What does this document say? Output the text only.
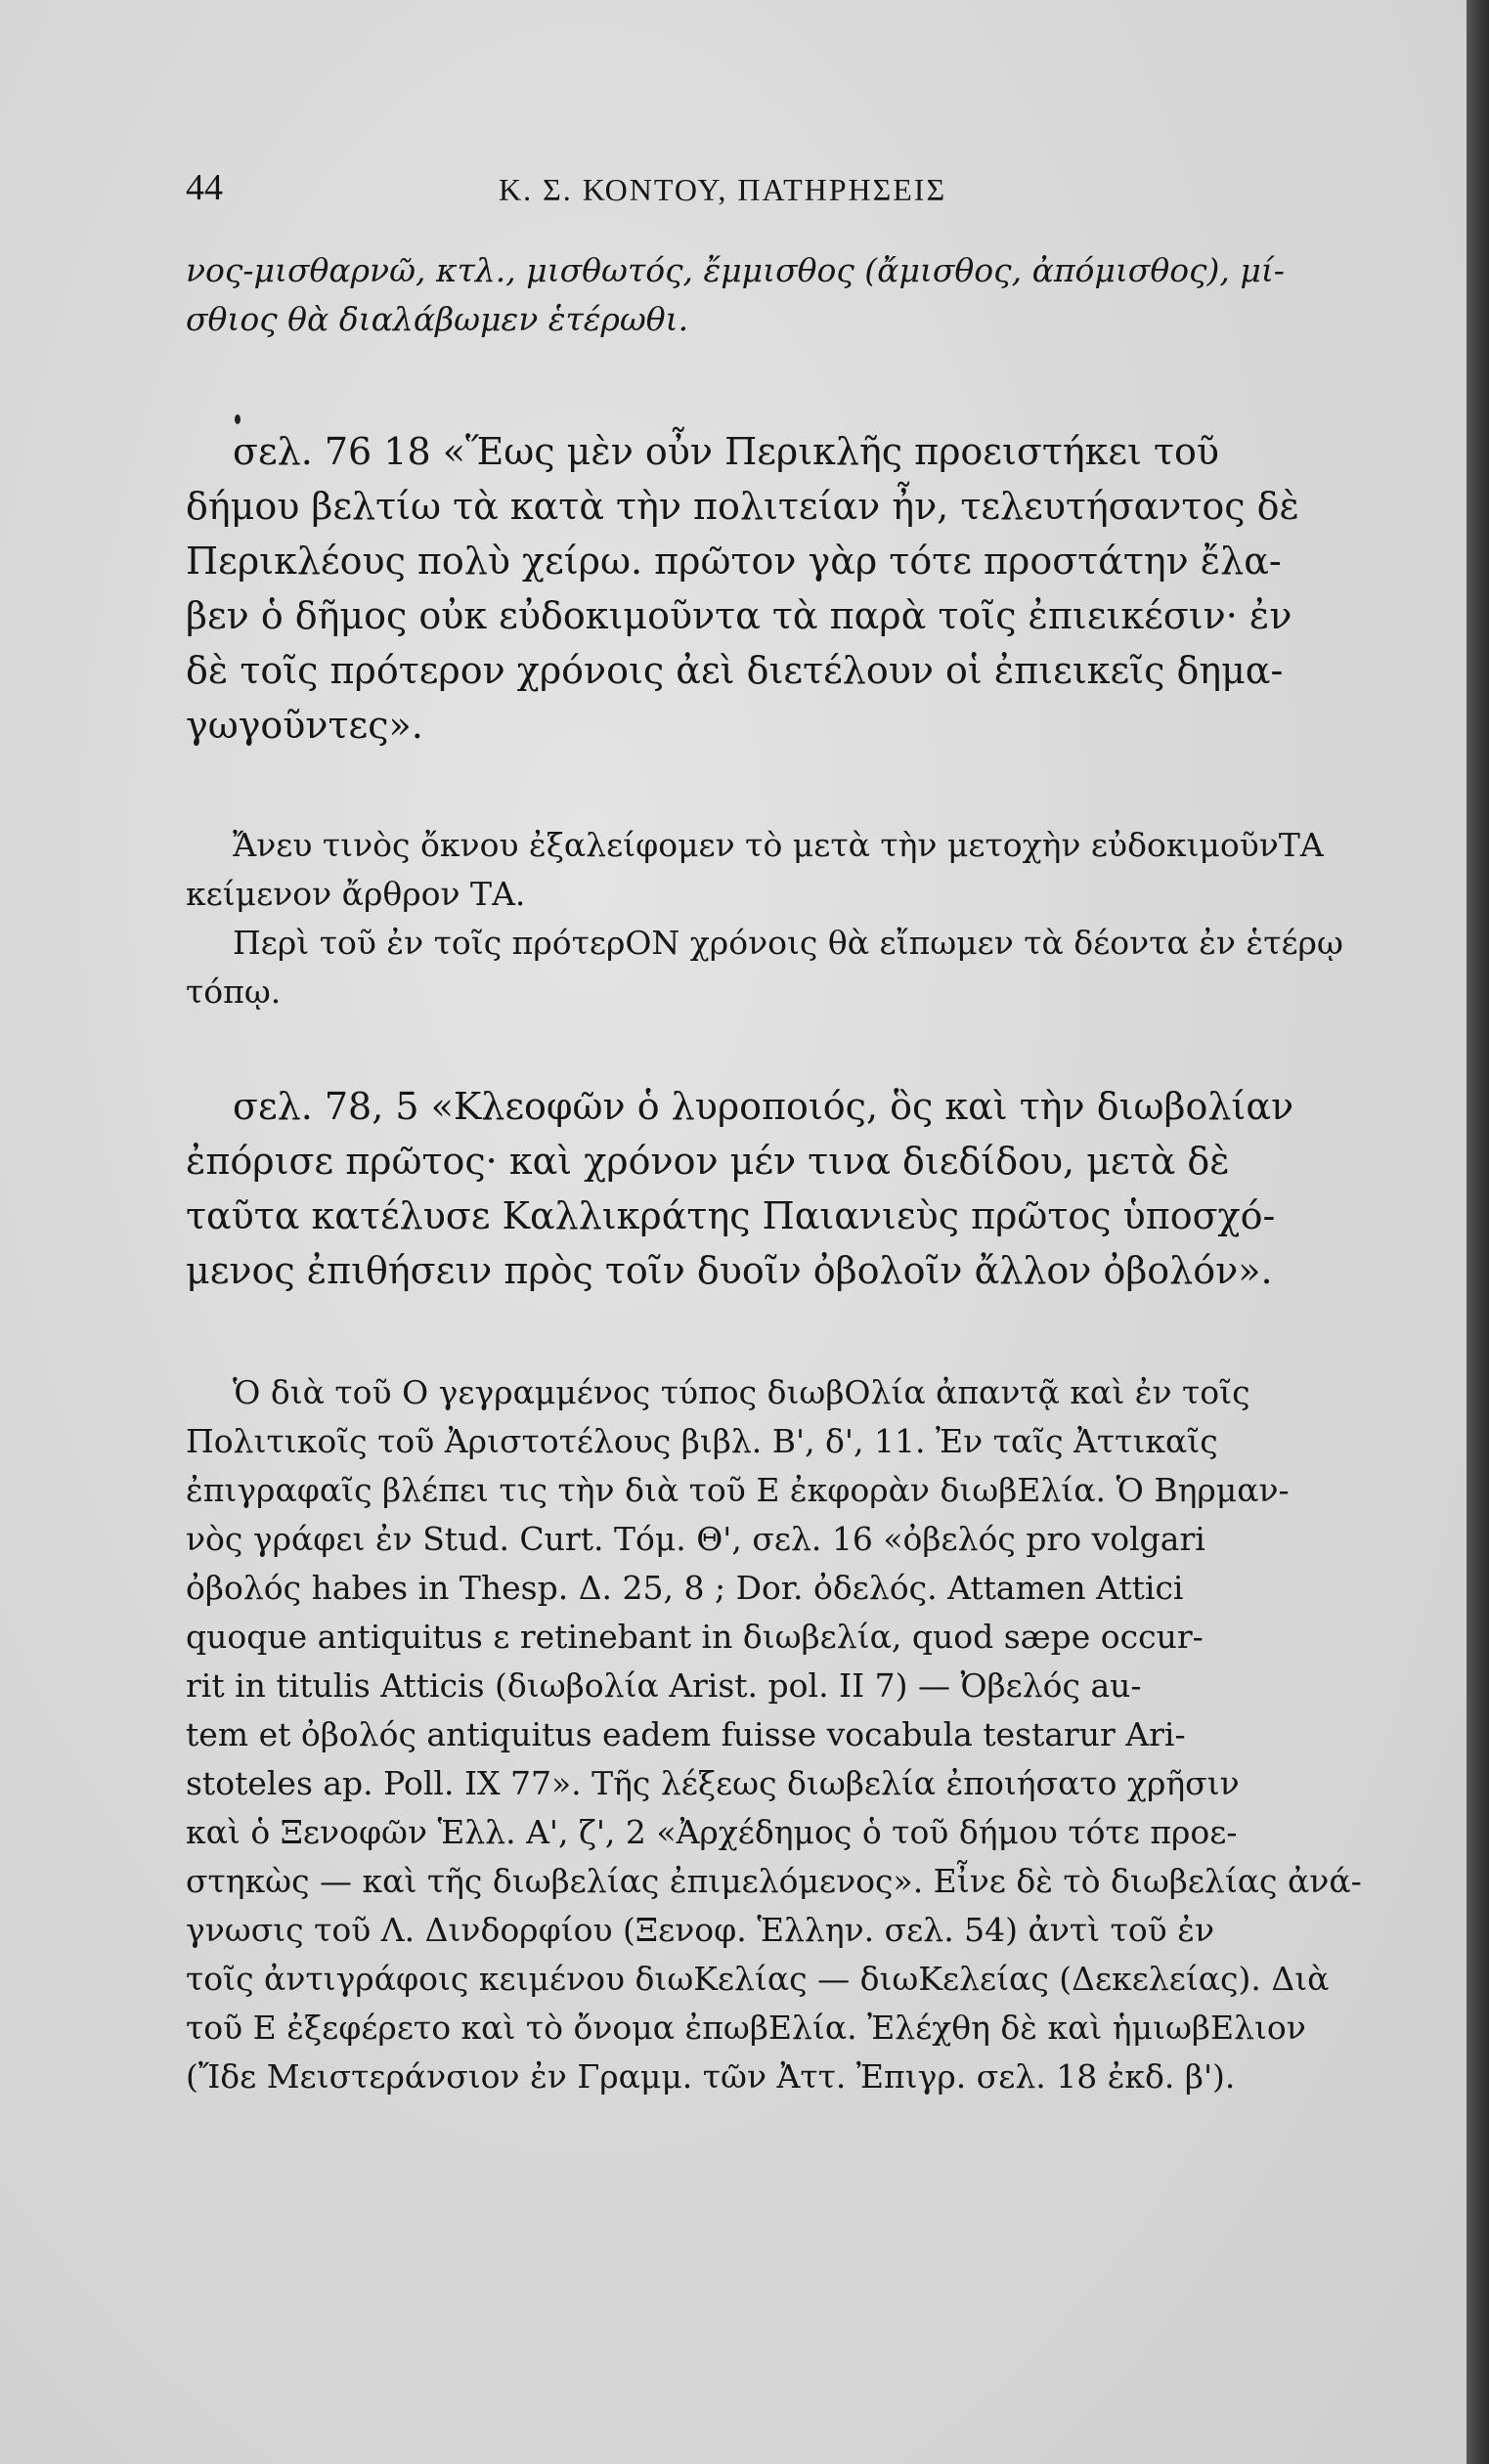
44	Κ. Σ. ΚΟΝΤΟΥ, ΠΑΤΗΡΗΣΕΙΣ
νος-μισθαρνῶ, κτλ., μισθωτός, ἔμμισθος (ἄμισθος, ἀπόμισθος), μί-
σθιος θὰ διαλάβωμεν ἑτέρωθι.
σελ. 76 18 «Ἕως μὲν οὖν Περικλῆς προειστήκει τοῦ
δήμου βελτίω τὰ κατὰ τὴν πολιτείαν ἦν, τελευτήσαντος δὲ
Περικλέους πολὺ χείρω. πρῶτον γὰρ τότε προστάτην ἔλα-
βεν ὁ δῆμος οὐκ εὐδοκιμοῦντα τὰ παρὰ τοῖς ἐπιεικέσιν· ἐν
δὲ τοῖς πρότερον χρόνοις ἀεὶ διετέλουν οἱ ἐπιεικεῖς δημα-
γωγοῦντες».
Ἄνευ τινὸς ὄκνου ἐξαλείφομεν τὸ μετὰ τὴν μετοχὴν εὐδοκιμοῦνΤΑ
κείμενον ἄρθρον ΤΑ.
Περὶ τοῦ ἐν τοῖς πρότερΟΝ χρόνοις θὰ εἴπωμεν τὰ δέοντα ἐν ἑτέρῳ
τόπῳ.
σελ. 78, 5 «Κλεοφῶν ὁ λυροποιός, ὃς καὶ τὴν διωβολίαν
ἐπόρισε πρῶτος· καὶ χρόνον μέν τινα διεδίδου, μετὰ δὲ
ταῦτα κατέλυσε Καλλικράτης Παιανιεὺς πρῶτος ὑποσχό-
μενος ἐπιθήσειν πρὸς τοῖν δυοῖν ὀβολοῖν ἄλλον ὀβολόν».
Ὁ διὰ τοῦ Ο γεγραμμένος τύπος διωβΟλία ἀπαντᾷ καὶ ἐν τοῖς
Πολιτικοῖς τοῦ Ἀριστοτέλους βιβλ. Β', δ', 11. Ἐν ταῖς Ἀττικαῖς
ἐπιγραφαῖς βλέπει τις τὴν διὰ τοῦ Ε ἐκφορὰν διωβΕλία. Ὁ Βηρμαν-
νὸς γράφει ἐν Stud. Curt. Τόμ. Θ', σελ. 16 «ὀβελός pro volgari
ὀβολός habes in Thesp. Δ. 25, 8 ; Dor. ὀδελός. Attamen Attici
quoque antiquitus ε retinebant in διωβελία, quod sæpe occur-
rit in titulis Atticis (διωβολία Arist. pol. II 7) — Ὀβελός au-
tem et ὀβολός antiquitus eadem fuisse vocabula testarur Ari-
stoteles ap. Poll. IX 77». Τῆς λέξεως διωβελία ἐποιήσατο χρῆσιν
καὶ ὁ Ξενοφῶν Ἑλλ. Α', ζ', 2 «Ἀρχέδημος ὁ τοῦ δήμου τότε προε-
στηκὼς — καὶ τῆς διωβελίας ἐπιμελόμενος». Εἶνε δὲ τὸ διωβελίας ἀνά-
γνωσις τοῦ Λ. Δινδορφίου (Ξενοφ. Ἑλλην. σελ. 54) ἀντὶ τοῦ ἐν
τοῖς ἀντιγράφοις κειμένου διωΚελίας — διωΚελείας (Δεκελείας). Διὰ
τοῦ Ε ἐξεφέρετο καὶ τὸ ὄνομα ἐπωβΕλία. Ἐλέχθη δὲ καὶ ἡμιωβΕλιον
(Ἴδε Μειστεράνσιον ἐν Γραμμ. τῶν Ἀττ. Ἐπιγρ. σελ. 18 ἐκδ. β').
